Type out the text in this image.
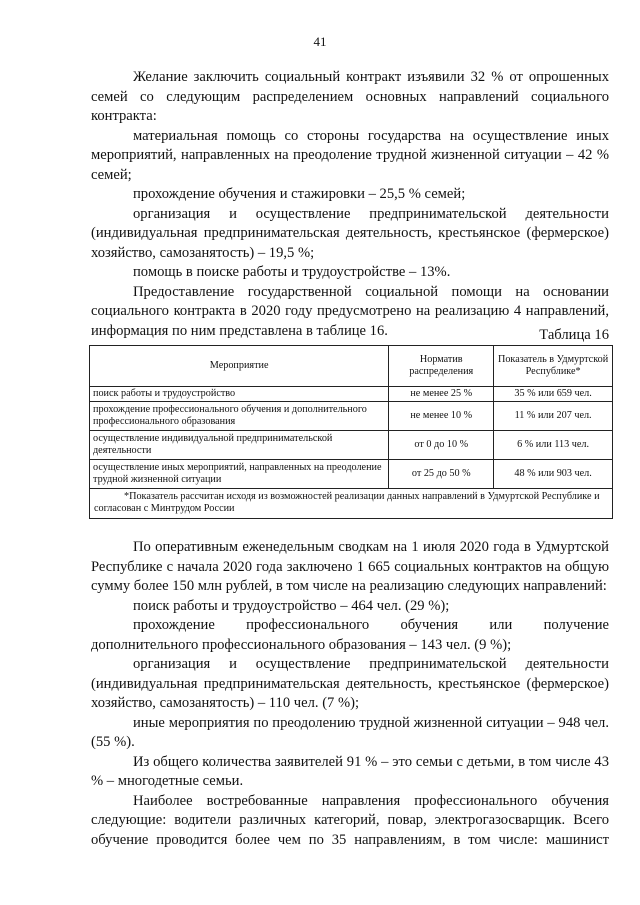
41

Желание заключить социальный контракт изъявили 32 % от опрошенных семей со следующим распределением основных направлений социального контракта:

материальная помощь со стороны государства на осуществление иных мероприятий, направленных на преодоление трудной жизненной ситуации – 42 % семей;

прохождение обучения и стажировки – 25,5 % семей;

организация и осуществление предпринимательской деятельности (индивидуальная предпринимательская деятельность, крестьянское (фермерское) хозяйство, самозанятость) – 19,5 %;

помощь в поиске работы и трудоустройстве – 13%.

Предоставление государственной социальной помощи на основании социального контракта в 2020 году предусмотрено на реализацию 4 направлений, информация по ним представлена в таблице 16.	Таблица 16
Мероприятие	Норматив распределения	Показатель в Удмуртской Республике*
поиск работы и трудоустройство	не менее 25 %	35 % или 659 чел.
прохождение профессионального обучения и дополнительного профессионального образования	не менее 10 %	11 % или 207 чел.
осуществление индивидуальной предпринимательской деятельности	от 0 до 10 %	6 % или 113 чел.
осуществление иных мероприятий, направленных на преодоление трудной жизненной ситуации	от 25 до 50 %	48 % или 903 чел.
*Показатель рассчитан исходя из возможностей реализации данных направлений в Удмуртской Республике и согласован с Минтрудом России		

По оперативным еженедельным сводкам на 1 июля 2020 года в Удмуртской Республике с начала 2020 года заключено 1 665 социальных контрактов на общую сумму более 150 млн рублей, в том числе на реализацию следующих направлений:

поиск работы и трудоустройство – 464 чел. (29 %);

прохождение профессионального обучения или получение дополнительного профессионального образования – 143 чел. (9 %);

организация и осуществление предпринимательской деятельности (индивидуальная предпринимательская деятельность, крестьянское (фермерское) хозяйство, самозанятость) – 110 чел. (7 %);

иные мероприятия по преодолению трудной жизненной ситуации – 948 чел. (55 %).

Из общего количества заявителей 91 % – это семьи с детьми, в том числе 43 % – многодетные семьи.

Наиболее востребованные направления профессионального обучения следующие: водители различных категорий, повар, электрогазосварщик. Всего обучение проводится более чем по 35 направлениям, в том числе: машинист
